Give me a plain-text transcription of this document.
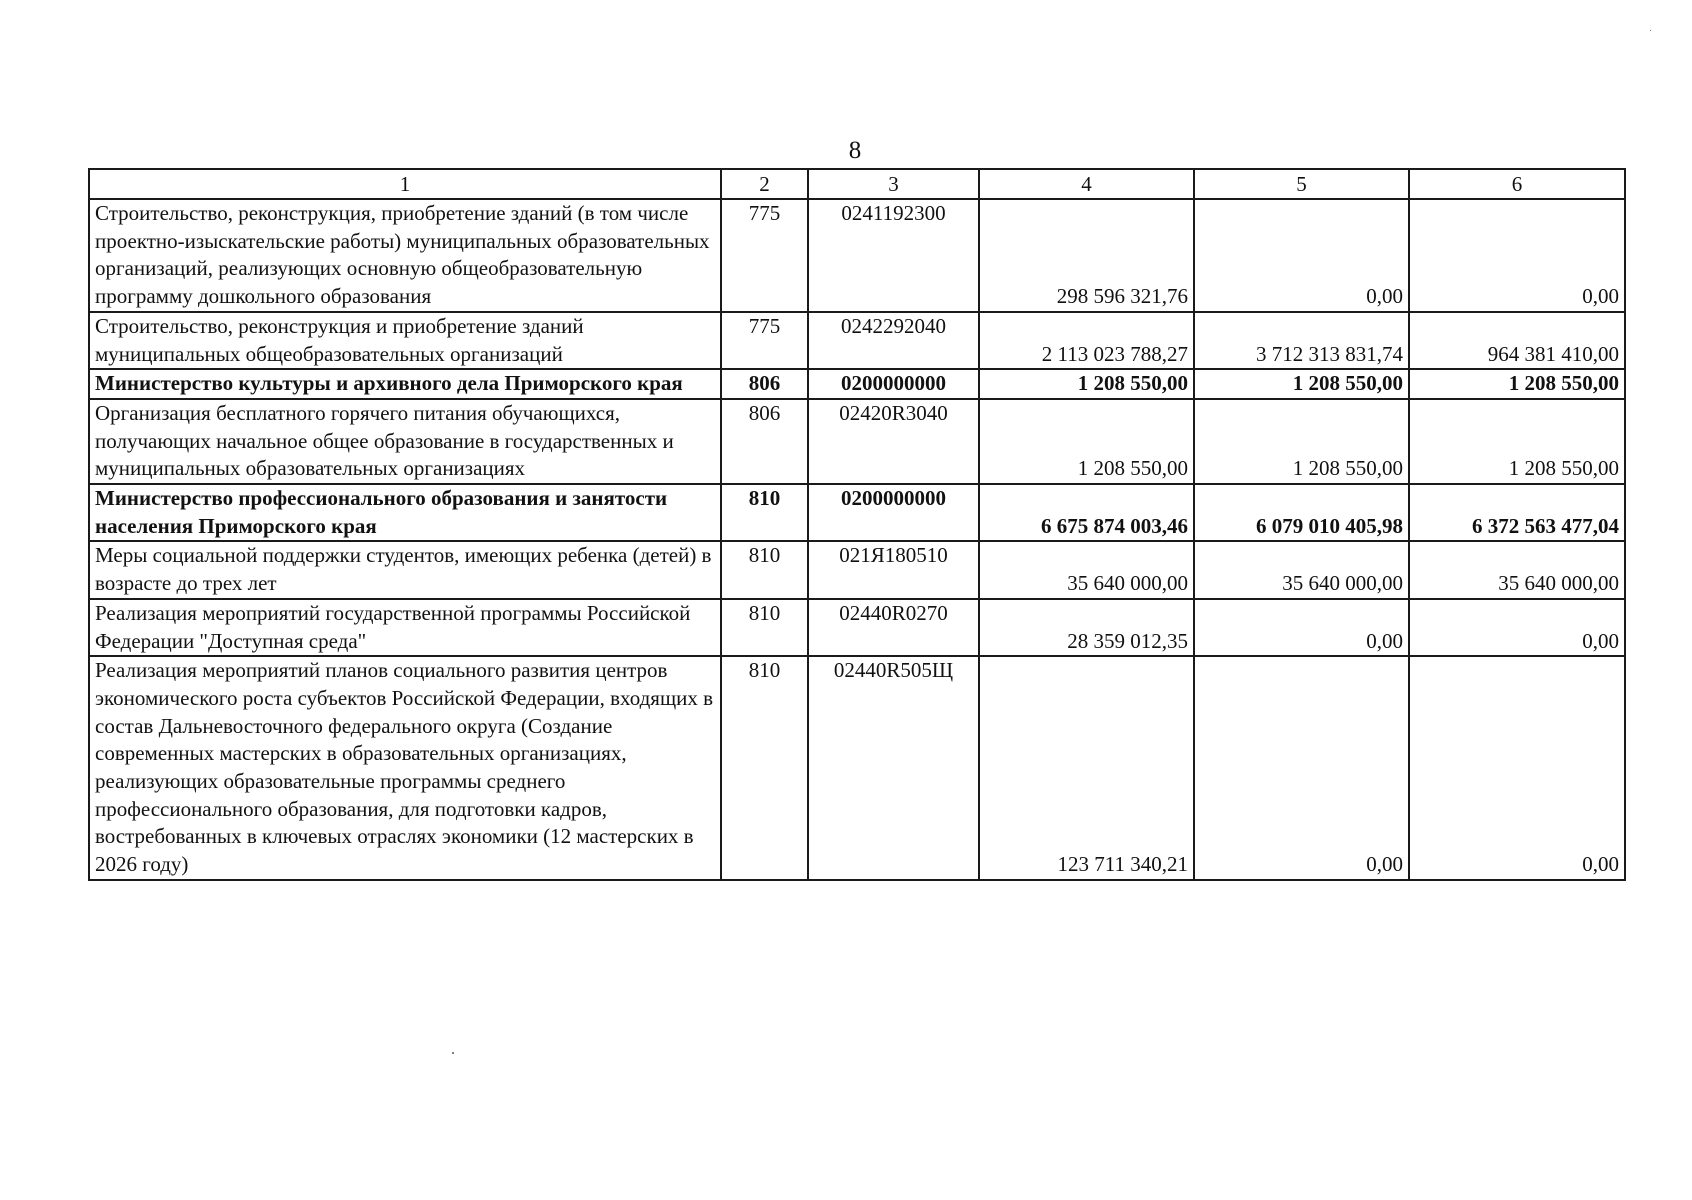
8
1	2	3	4	5	6
Строительство, реконструкция, приобретение зданий (в том числе проектно-изыскательские работы) муниципальных образовательных организаций, реализующих основную общеобразовательную программу дошкольного образования	775	0241192300	298 596 321,76	0,00	0,00
Строительство, реконструкция и приобретение зданий муниципальных общеобразовательных организаций	775	0242292040	2 113 023 788,27	3 712 313 831,74	964 381 410,00
Министерство культуры и архивного дела Приморского края	806	0200000000	1 208 550,00	1 208 550,00	1 208 550,00
Организация бесплатного горячего питания обучающихся, получающих начальное общее образование в государственных и муниципальных образовательных организациях	806	02420R3040	1 208 550,00	1 208 550,00	1 208 550,00
Министерство профессионального образования и занятости населения Приморского края	810	0200000000	6 675 874 003,46	6 079 010 405,98	6 372 563 477,04
Меры социальной поддержки студентов, имеющих ребенка (детей) в возрасте до трех лет	810	021Я180510	35 640 000,00	35 640 000,00	35 640 000,00
Реализация мероприятий государственной программы Российской Федерации "Доступная среда"	810	02440R0270	28 359 012,35	0,00	0,00
Реализация мероприятий планов социального развития центров экономического роста субъектов Российской Федерации, входящих в состав Дальневосточного федерального округа (Создание современных мастерских в образовательных организациях, реализующих образовательные программы среднего профессионального образования, для подготовки кадров, востребованных в ключевых отраслях экономики (12 мастерских в 2026 году)	810	02440R505Щ	123 711 340,21	0,00	0,00
